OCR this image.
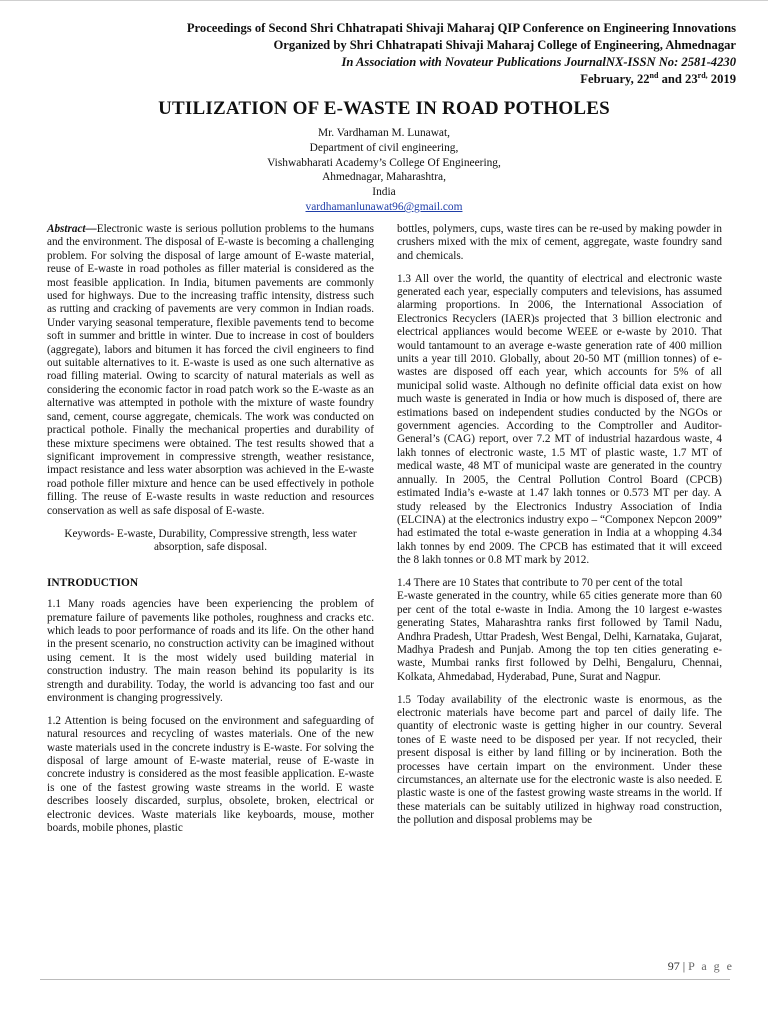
Proceedings of Second Shri Chhatrapati Shivaji Maharaj QIP Conference on Engineering Innovations
Organized by Shri Chhatrapati Shivaji Maharaj College of Engineering, Ahmednagar
In Association with Novateur Publications JournalNX-ISSN No: 2581-4230
February, 22nd and $23^{rd,}$ 2019
UTILIZATION OF E-WASTE IN ROAD POTHOLES
Mr. Vardhaman M. Lunawat,
Department of civil engineering,
Vishwabharati Academy’s College Of Engineering,
Ahmednagar, Maharashtra,
India
vardhamanlunawat96@gmail.com

Abstract—Electronic waste is serious pollution problems to the humans and the environment. The disposal of E-waste is becoming a challenging problem. For solving the disposal of large amount of E-waste material, reuse of E-waste in road potholes as filler material is considered as the most feasible application. In India, bitumen pavements are commonly used for highways. Due to the increasing traffic intensity, distress such as rutting and cracking of pavements are very common in Indian roads. Under varying seasonal temperature, flexible pavements tend to become soft in summer and brittle in winter. Due to increase in cost of boulders (aggregate), labors and bitumen it has forced the civil engineers to find out suitable alternatives to it. E-waste is used as one such alternative as road filling material. Owing to scarcity of natural materials as well as considering the economic factor in road patch work so the E-waste as an alternative was attempted in pothole with the mixture of waste foundry sand, cement, course aggregate, chemicals. The work was conducted on practical pothole. Finally the mechanical properties and durability of these mixture specimens were obtained. The test results showed that a significant improvement in compressive strength, weather resistance, impact resistance and less water absorption was achieved in the E-waste road pothole filler mixture and hence can be used effectively in pothole filling. The reuse of E-waste results in waste reduction and resources conservation as well as safe disposal of E-waste.

Keywords- E-waste, Durability, Compressive strength, less water absorption, safe disposal.

INTRODUCTION

1.1 Many roads agencies have been experiencing the problem of premature failure of pavements like potholes, roughness and cracks etc. which leads to poor performance of roads and its life. On the other hand in the present scenario, no construction activity can be imagined without using cement. It is the most widely used building material in construction industry. The main reason behind its popularity is its strength and durability. Today, the world is advancing too fast and our environment is changing progressively.

1.2 Attention is being focused on the environment and safeguarding of natural resources and recycling of wastes materials. One of the new waste materials used in the concrete industry is E-waste. For solving the disposal of large amount of E-waste material, reuse of E-waste in concrete industry is considered as the most feasible application. E-waste is one of the fastest growing waste streams in the world. E waste describes loosely discarded, surplus, obsolete, broken, electrical or electronic devices. Waste materials like keyboards, mouse, mother boards, mobile phones, plastic

bottles, polymers, cups, waste tires can be re-used by making powder in crushers mixed with the mix of cement, aggregate, waste foundry sand and chemicals.

1.3 All over the world, the quantity of electrical and electronic waste generated each year, especially computers and televisions, has assumed alarming proportions. In 2006, the International Association of Electronics Recyclers (IAER)s projected that 3 billion electronic and electrical appliances would become WEEE or e-waste by 2010. That would tantamount to an average e-waste generation rate of 400 million units a year till 2010. Globally, about 20-50 MT (million tonnes) of e-wastes are disposed off each year, which accounts for 5% of all municipal solid waste. Although no definite official data exist on how much waste is generated in India or how much is disposed of, there are estimations based on independent studies conducted by the NGOs or government agencies. According to the Comptroller and Auditor-General’s (CAG) report, over 7.2 MT of industrial hazardous waste, 4 lakh tonnes of electronic waste, 1.5 MT of plastic waste, 1.7 MT of medical waste, 48 MT of municipal waste are generated in the country annually. In 2005, the Central Pollution Control Board (CPCB) estimated India’s e-waste at 1.47 lakh tonnes or 0.573 MT per day. A study released by the Electronics Industry Association of India (ELCINA) at the electronics industry expo – “Componex Nepcon 2009” had estimated the total e-waste generation in India at a whopping 4.34 lakh tonnes by end 2009. The CPCB has estimated that it will exceed the 8 lakh tonnes or 0.8 MT mark by 2012.

1.4 There are 10 States that contribute to 70 per cent of the total
E-waste generated in the country, while 65 cities generate more than 60 per cent of the total e-waste in India. Among the 10 largest e-wastes generating States, Maharashtra ranks first followed by Tamil Nadu, Andhra Pradesh, Uttar Pradesh, West Bengal, Delhi, Karnataka, Gujarat, Madhya Pradesh and Punjab. Among the top ten cities generating e-waste, Mumbai ranks first followed by Delhi, Bengaluru, Chennai, Kolkata, Ahmedabad, Hyderabad, Pune, Surat and Nagpur.

1.5 Today availability of the electronic waste is enormous, as the electronic materials have become part and parcel of daily life. The quantity of electronic waste is getting higher in our country. Several tones of E waste need to be disposed per year. If not recycled, their present disposal is either by land filling or by incineration. Both the processes have certain impart on the environment. Under these circumstances, an alternate use for the electronic waste is also needed. E plastic waste is one of the fastest growing waste streams in the world. If these materials can be suitably utilized in highway road construction, the pollution and disposal problems may be

97 | P a g e
